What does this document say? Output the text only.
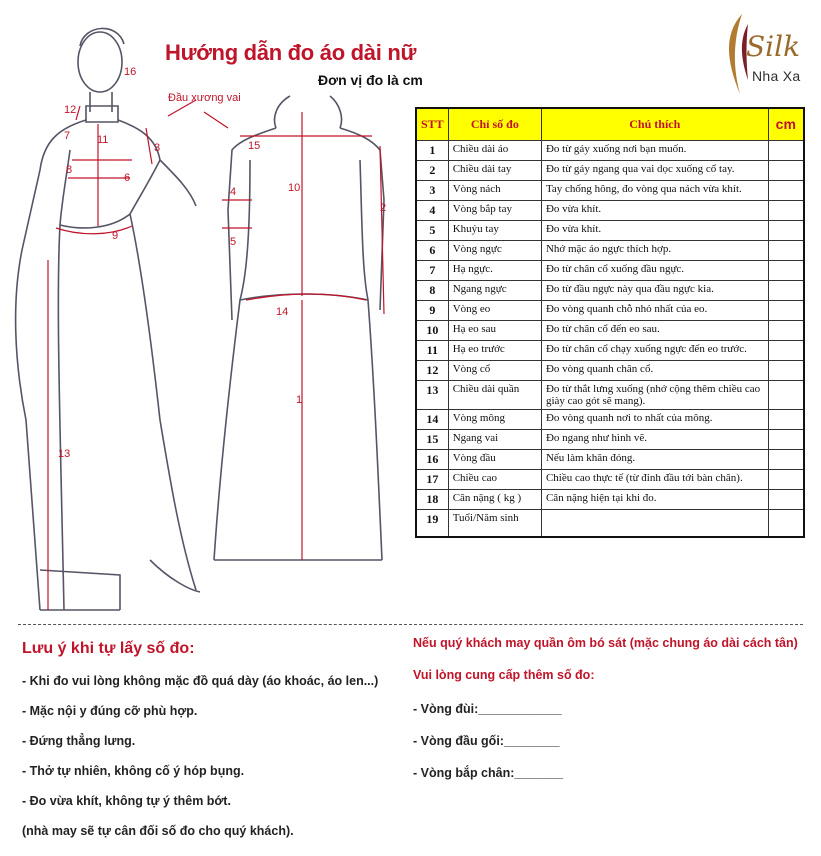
Hướng dẫn đo áo dài nữ
Đơn vị đo là cm
Silk
Nha Xa
Đầu xương vai
16
12
11
7
3
8
6
9
13
15
10
2
4
5
14
1
STT	Chỉ số đo	Chú thích	cm
1	Chiều dài áo	Đo từ gáy xuống nơi bạn muốn.	
2	Chiều dài tay	Đo từ gáy ngang qua vai dọc xuống cổ tay.	
3	Vòng nách	Tay chống hông, đo vòng qua nách vừa khít.	
4	Vòng bắp tay	Đo vừa khít.	
5	Khuỷu tay	Đo vừa khít.	
6	Vòng ngực	Nhớ mặc áo ngực thích hợp.	
7	Hạ ngực.	Đo từ chân cổ xuống đầu ngực.	
8	Ngang ngực	Đo từ đầu ngực này qua đầu ngực kia.	
9	Vòng eo	Đo vòng quanh chỗ nhỏ nhất của eo.	
10	Hạ eo sau	Đo từ chân cổ đến eo sau.	
11	Hạ eo trước	Đo từ chân cổ chạy xuống ngực đến eo trước.	
12	Vòng cổ	Đo vòng quanh chân cổ.	
13	Chiều dài quần	Đo từ thắt lưng xuống (nhớ cộng thêm chiều cao giày cao gót sẽ mang).	
14	Vòng mông	Đo vòng quanh nơi to nhất của mông.	
15	Ngang vai	Đo ngang như hình vẽ.	
16	Vòng đầu	Nếu làm khăn đóng.	
17	Chiều cao	Chiều cao thực tế (từ đỉnh đầu tới bàn chân).	
18	Cân nặng ( kg )	Cân nặng hiện tại khi đo.	
19	Tuổi/Năm sinh		
Lưu ý khi tự lấy số đo:
- Khi đo vui lòng không mặc đồ quá dày (áo khoác, áo len...)
- Mặc nội y đúng cỡ phù hợp.
- Đứng thẳng lưng.
- Thở tự nhiên, không cố ý hóp bụng.
- Đo vừa khít, không tự ý thêm bớt.
(nhà may sẽ tự cân đối số đo cho quý khách).
Nếu quý khách may quần ôm bó sát (mặc chung áo dài cách tân)
Vui lòng cung cấp thêm số đo:
- Vòng đùi:____________
- Vòng đầu gối:________
- Vòng bắp chân:_______
